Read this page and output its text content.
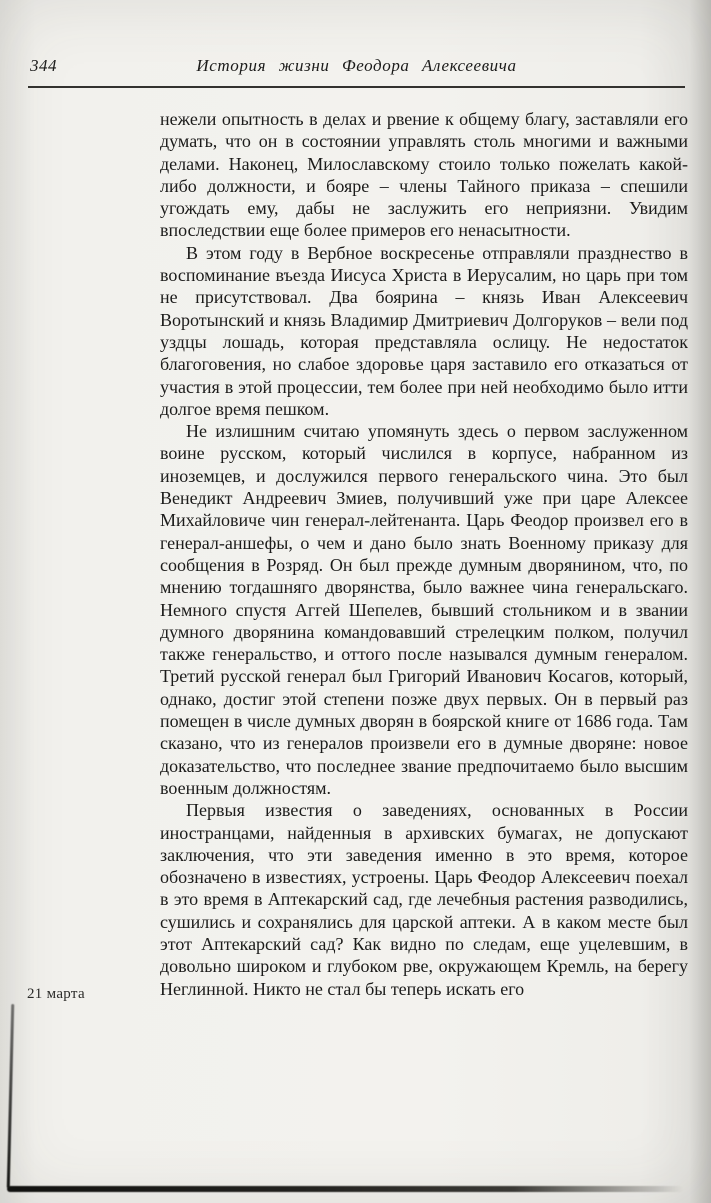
344	История жизни Феодора Алексеевича
21 марта

нежели опытность в делах и рвение к общему благу, заставляли его думать, что он в состоянии управлять столь многими и важными делами. Наконец, Милославскому стоило только пожелать какой-либо должности, и бояре – члены Тайного приказа – спешили угождать ему, дабы не заслужить его неприязни. Увидим впоследствии еще более примеров его ненасытности.

В этом году в Вербное воскресенье отправляли празднество в воспоминание въезда Иисуса Христа в Иерусалим, но царь при том не присутствовал. Два боярина – князь Иван Алексеевич Воротынский и князь Владимир Дмитриевич Долгоруков – вели под уздцы лошадь, которая представляла ослицу. Не недостаток благоговения, но слабое здоровье царя заставило его отказаться от участия в этой процессии, тем более при ней необходимо было итти долгое время пешком.

Не излишним считаю упомянуть здесь о первом заслуженном воине русском, который числился в корпусе, набранном из иноземцев, и дослужился первого генеральского чина. Это был Венедикт Андреевич Змиев, получивший уже при царе Алексее Михайловиче чин генерал-лейтенанта. Царь Феодор произвел его в генерал-аншефы, о чем и дано было знать Военному приказу для сообщения в Розряд. Он был прежде думным дворянином, что, по мнению тогдашняго дворянства, было важнее чина генеральскаго. Немного спустя Аггей Шепелев, бывший стольником и в звании думного дворянина командовавший стрелецким полком, получил также генеральство, и оттого после назывался думным генералом. Третий русской генерал был Григорий Иванович Косагов, который, однако, достиг этой степени позже двух первых. Он в первый раз помещен в числе думных дворян в боярской книге от 1686 года. Там сказано, что из генералов произвели его в думные дворяне: новое доказательство, что последнее звание предпочитаемо было высшим военным должностям.

Первыя известия о заведениях, основанных в России иностранцами, найденныя в архивских бумагах, не допускают заключения, что эти заведения именно в это время, которое обозначено в известиях, устроены. Царь Феодор Алексеевич поехал в это время в Аптекарский сад, где лечебныя растения разводились, сушились и сохранялись для царской аптеки. А в каком месте был этот Аптекарский сад? Как видно по следам, еще уцелевшим, в довольно широком и глубоком рве, окружающем Кремль, на берегу Неглинной. Никто не стал бы теперь искать его
